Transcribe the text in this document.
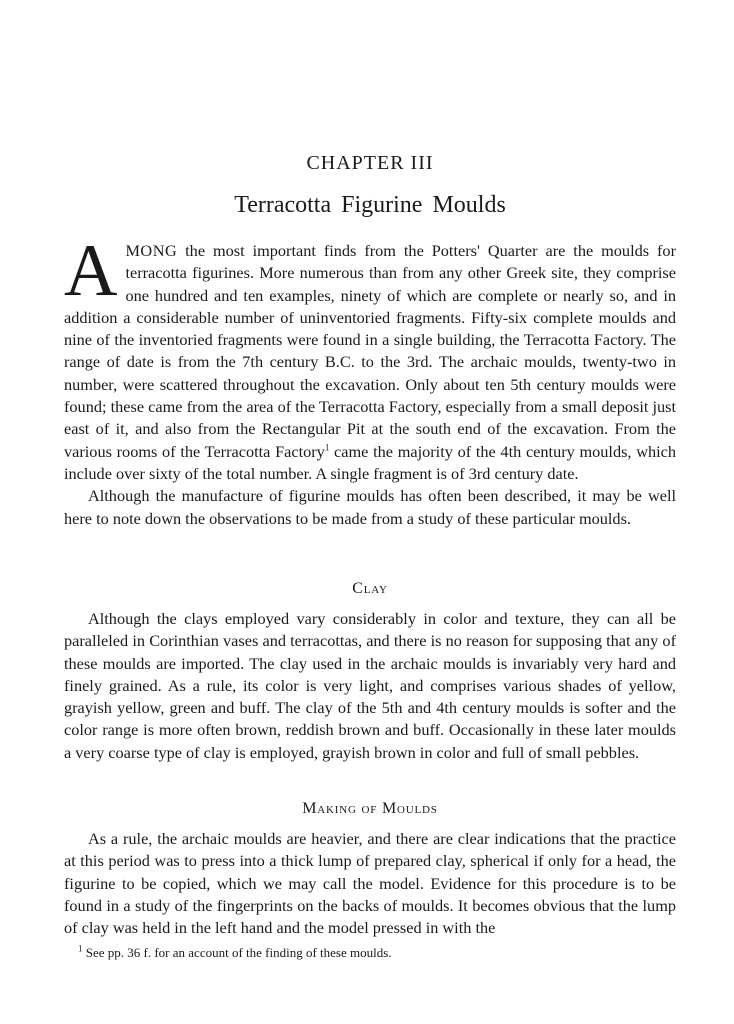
CHAPTER III
Terracotta Figurine Moulds

AMONG the most important finds from the Potters' Quarter are the moulds for terracotta figurines. More numerous than from any other Greek site, they comprise one hundred and ten examples, ninety of which are complete or nearly so, and in addition a considerable number of uninventoried fragments. Fifty-six complete moulds and nine of the inventoried fragments were found in a single building, the Terracotta Factory. The range of date is from the 7th century B.C. to the 3rd. The archaic moulds, twenty-two in number, were scattered throughout the excavation. Only about ten 5th century moulds were found; these came from the area of the Terracotta Factory, especially from a small deposit just east of it, and also from the Rectangular Pit at the south end of the excavation. From the various rooms of the Terracotta Factory$^1$ came the majority of the 4th century moulds, which include over sixty of the total number. A single fragment is of 3rd century date.

Although the manufacture of figurine moulds has often been described, it may be well here to note down the observations to be made from a study of these particular moulds.

Clay

Although the clays employed vary considerably in color and texture, they can all be paralleled in Corinthian vases and terracottas, and there is no reason for supposing that any of these moulds are imported. The clay used in the archaic moulds is invariably very hard and finely grained. As a rule, its color is very light, and comprises various shades of yellow, grayish yellow, green and buff. The clay of the 5th and 4th century moulds is softer and the color range is more often brown, reddish brown and buff. Occasionally in these later moulds a very coarse type of clay is employed, grayish brown in color and full of small pebbles.

Making of Moulds

As a rule, the archaic moulds are heavier, and there are clear indications that the practice at this period was to press into a thick lump of prepared clay, spherical if only for a head, the figurine to be copied, which we may call the model. Evidence for this procedure is to be found in a study of the fingerprints on the backs of moulds. It becomes obvious that the lump of clay was held in the left hand and the model pressed in with the

$^1$ See pp. 36 f. for an account of the finding of these moulds.
